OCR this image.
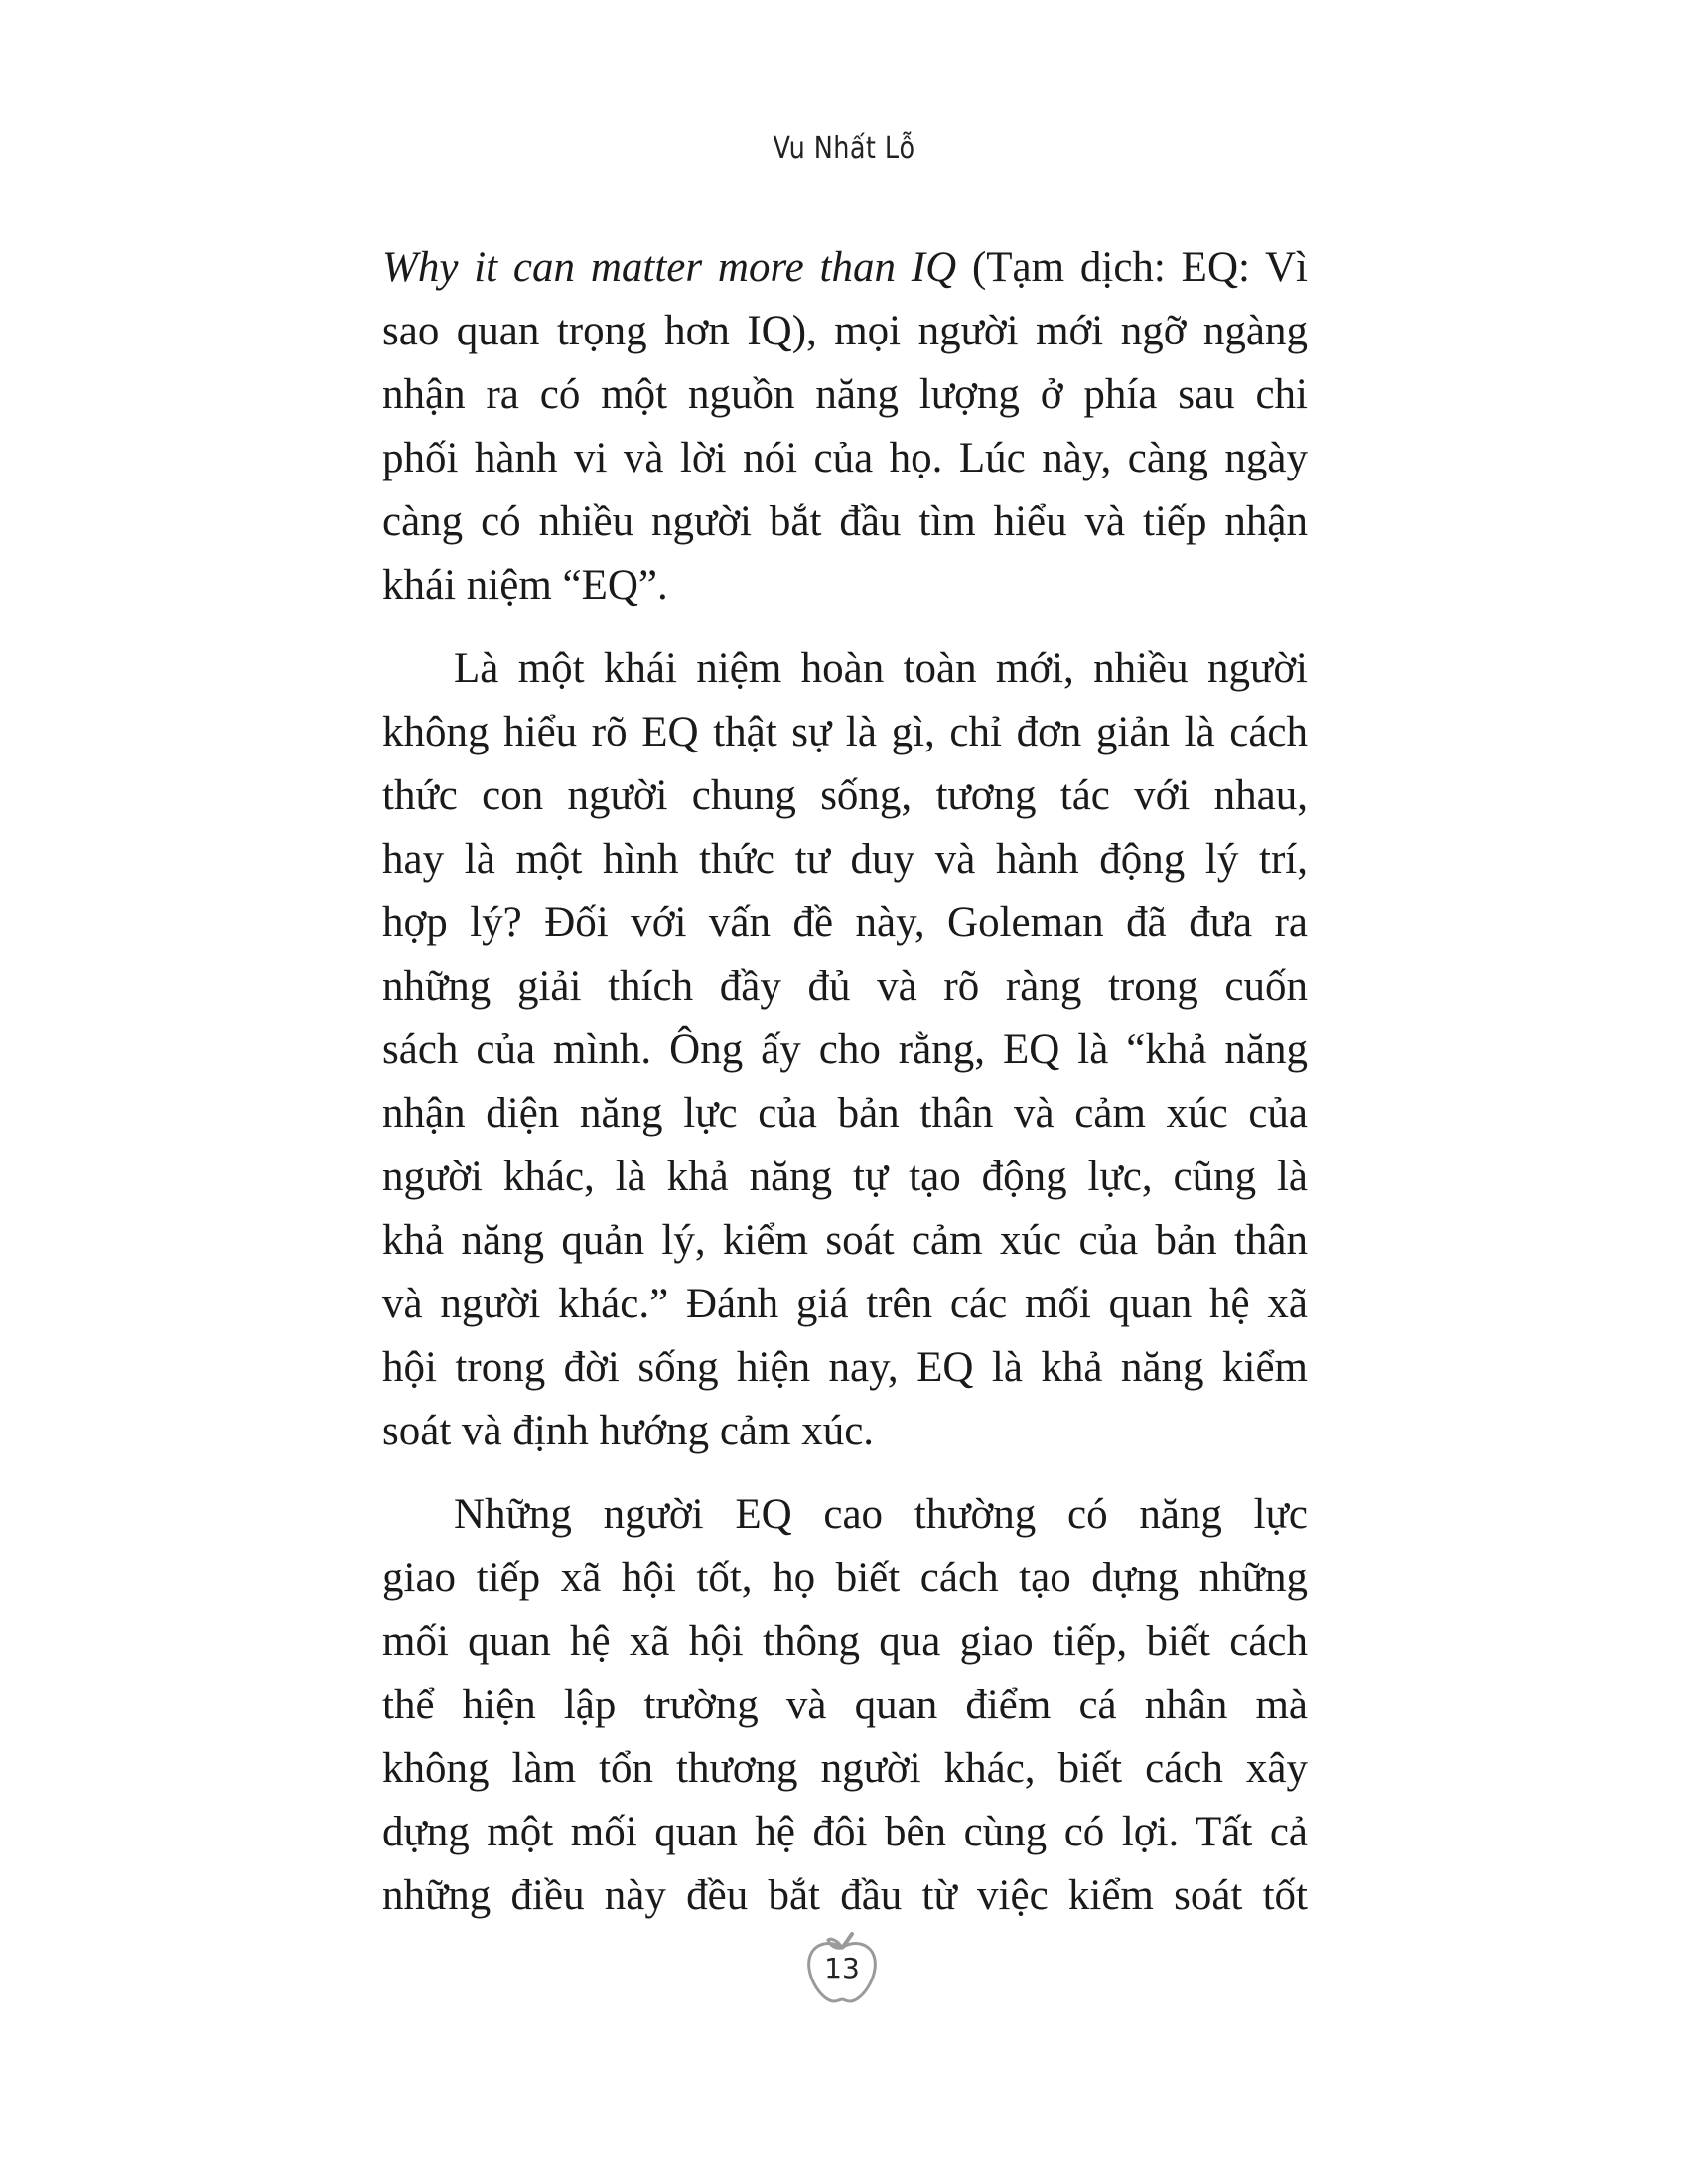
Vu Nhất Lỗ
Why it can matter more than IQ (Tạm dịch: EQ: Vì
sao quan trọng hơn IQ), mọi người mới ngỡ ngàng
nhận ra có một nguồn năng lượng ở phía sau chi
phối hành vi và lời nói của họ. Lúc này, càng ngày
càng có nhiều người bắt đầu tìm hiểu và tiếp nhận
khái niệm “EQ”.
Là một khái niệm hoàn toàn mới, nhiều người
không hiểu rõ EQ thật sự là gì, chỉ đơn giản là cách
thức con người chung sống, tương tác với nhau,
hay là một hình thức tư duy và hành động lý trí,
hợp lý? Đối với vấn đề này, Goleman đã đưa ra
những giải thích đầy đủ và rõ ràng trong cuốn
sách của mình. Ông ấy cho rằng, EQ là “khả năng
nhận diện năng lực của bản thân và cảm xúc của
người khác, là khả năng tự tạo động lực, cũng là
khả năng quản lý, kiểm soát cảm xúc của bản thân
và người khác.” Đánh giá trên các mối quan hệ xã
hội trong đời sống hiện nay, EQ là khả năng kiểm
soát và định hướng cảm xúc.
Những người EQ cao thường có năng lực
giao tiếp xã hội tốt, họ biết cách tạo dựng những
mối quan hệ xã hội thông qua giao tiếp, biết cách
thể hiện lập trường và quan điểm cá nhân mà
không làm tổn thương người khác, biết cách xây
dựng một mối quan hệ đôi bên cùng có lợi. Tất cả
những điều này đều bắt đầu từ việc kiểm soát tốt
13
